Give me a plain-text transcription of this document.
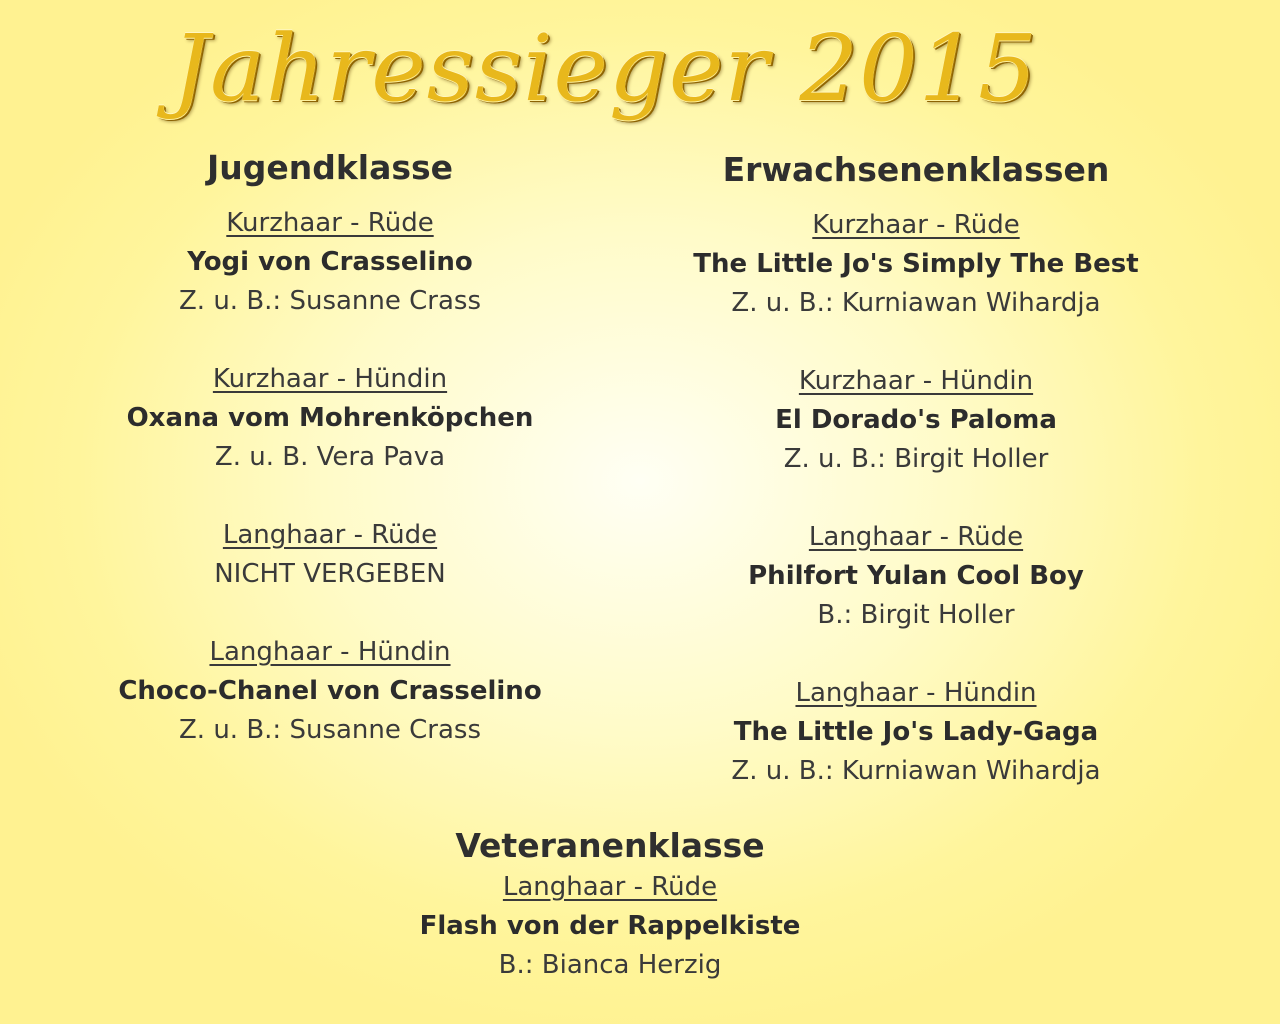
Jahressieger 2015
Jugendklasse
Kurzhaar - Rüde
Yogi von Crasselino
Z. u. B.: Susanne Crass
Kurzhaar - Hündin
Oxana vom Mohrenköpchen
Z. u. B. Vera Pava
Langhaar - Rüde
NICHT VERGEBEN
Langhaar - Hündin
Choco-Chanel von Crasselino
Z. u. B.: Susanne Crass
Erwachsenenklassen
Kurzhaar - Rüde
The Little Jo's Simply The Best
Z. u. B.: Kurniawan Wihardja
Kurzhaar - Hündin
El Dorado's Paloma
Z. u. B.: Birgit Holler
Langhaar - Rüde
Philfort Yulan Cool Boy
B.: Birgit Holler
Langhaar - Hündin
The Little Jo's Lady-Gaga
Z. u. B.: Kurniawan Wihardja
Veteranenklasse
Langhaar - Rüde
Flash von der Rappelkiste
B.: Bianca Herzig
